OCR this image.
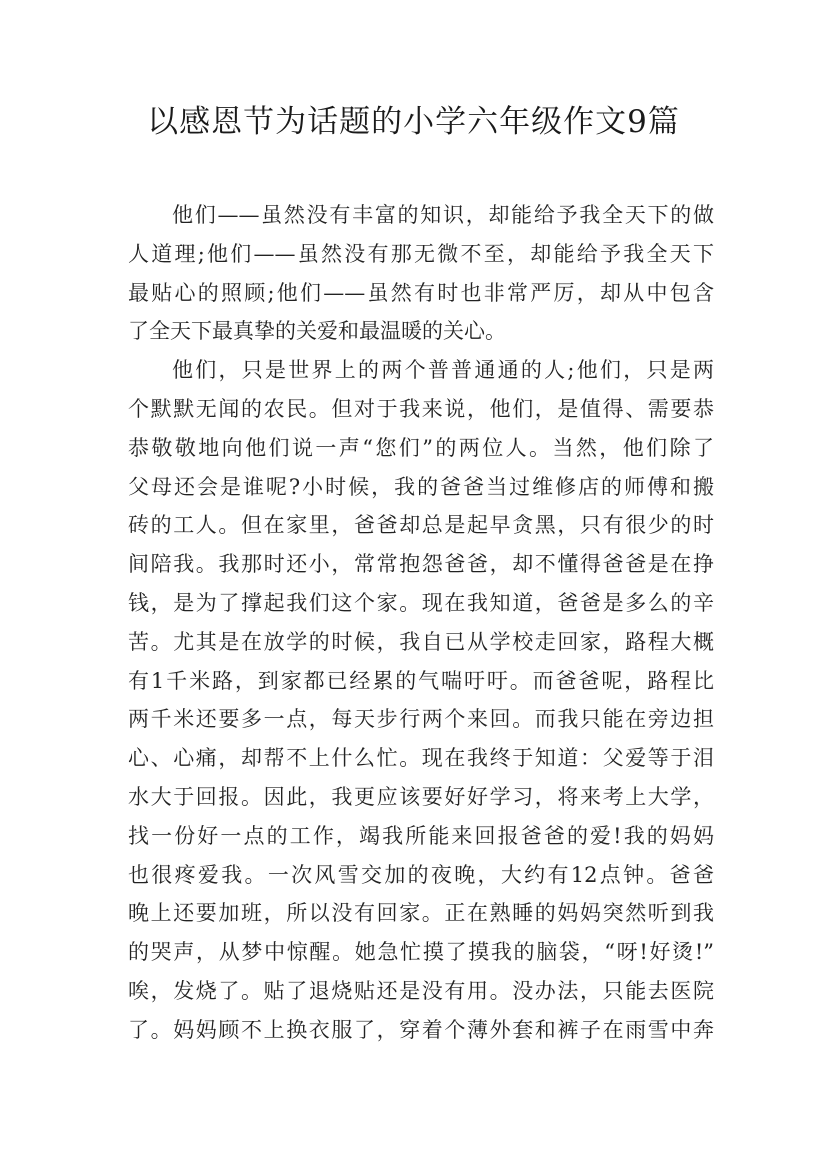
以感恩节为话题的小学六年级作文9篇

他们——虽然没有丰富的知识，却能给予我全天下的做

人道理;他们——虽然没有那无微不至，却能给予我全天下

最贴心的照顾;他们——虽然有时也非常严厉，却从中包含

了全天下最真挚的关爱和最温暖的关心。

他们，只是世界上的两个普普通通的人;他们，只是两

个默默无闻的农民。但对于我来说，他们，是值得、需要恭

恭敬敬地向他们说一声“您们”的两位人。当然，他们除了

父母还会是谁呢?小时候，我的爸爸当过维修店的师傅和搬

砖的工人。但在家里，爸爸却总是起早贪黑，只有很少的时

间陪我。我那时还小，常常抱怨爸爸，却不懂得爸爸是在挣

钱，是为了撑起我们这个家。现在我知道，爸爸是多么的辛

苦。尤其是在放学的时候，我自已从学校走回家，路程大概

有1千米路，到家都已经累的气喘吁吁。而爸爸呢，路程比

两千米还要多一点，每天步行两个来回。而我只能在旁边担

心、心痛，却帮不上什么忙。现在我终于知道：父爱等于泪

水大于回报。因此，我更应该要好好学习，将来考上大学，

找一份好一点的工作，竭我所能来回报爸爸的爱!我的妈妈

也很疼爱我。一次风雪交加的夜晚，大约有12点钟。爸爸

晚上还要加班，所以没有回家。正在熟睡的妈妈突然听到我

的哭声，从梦中惊醒。她急忙摸了摸我的脑袋，“呀!好烫!”

唉，发烧了。贴了退烧贴还是没有用。没办法，只能去医院

了。妈妈顾不上换衣服了，穿着个薄外套和裤子在雨雪中奔
